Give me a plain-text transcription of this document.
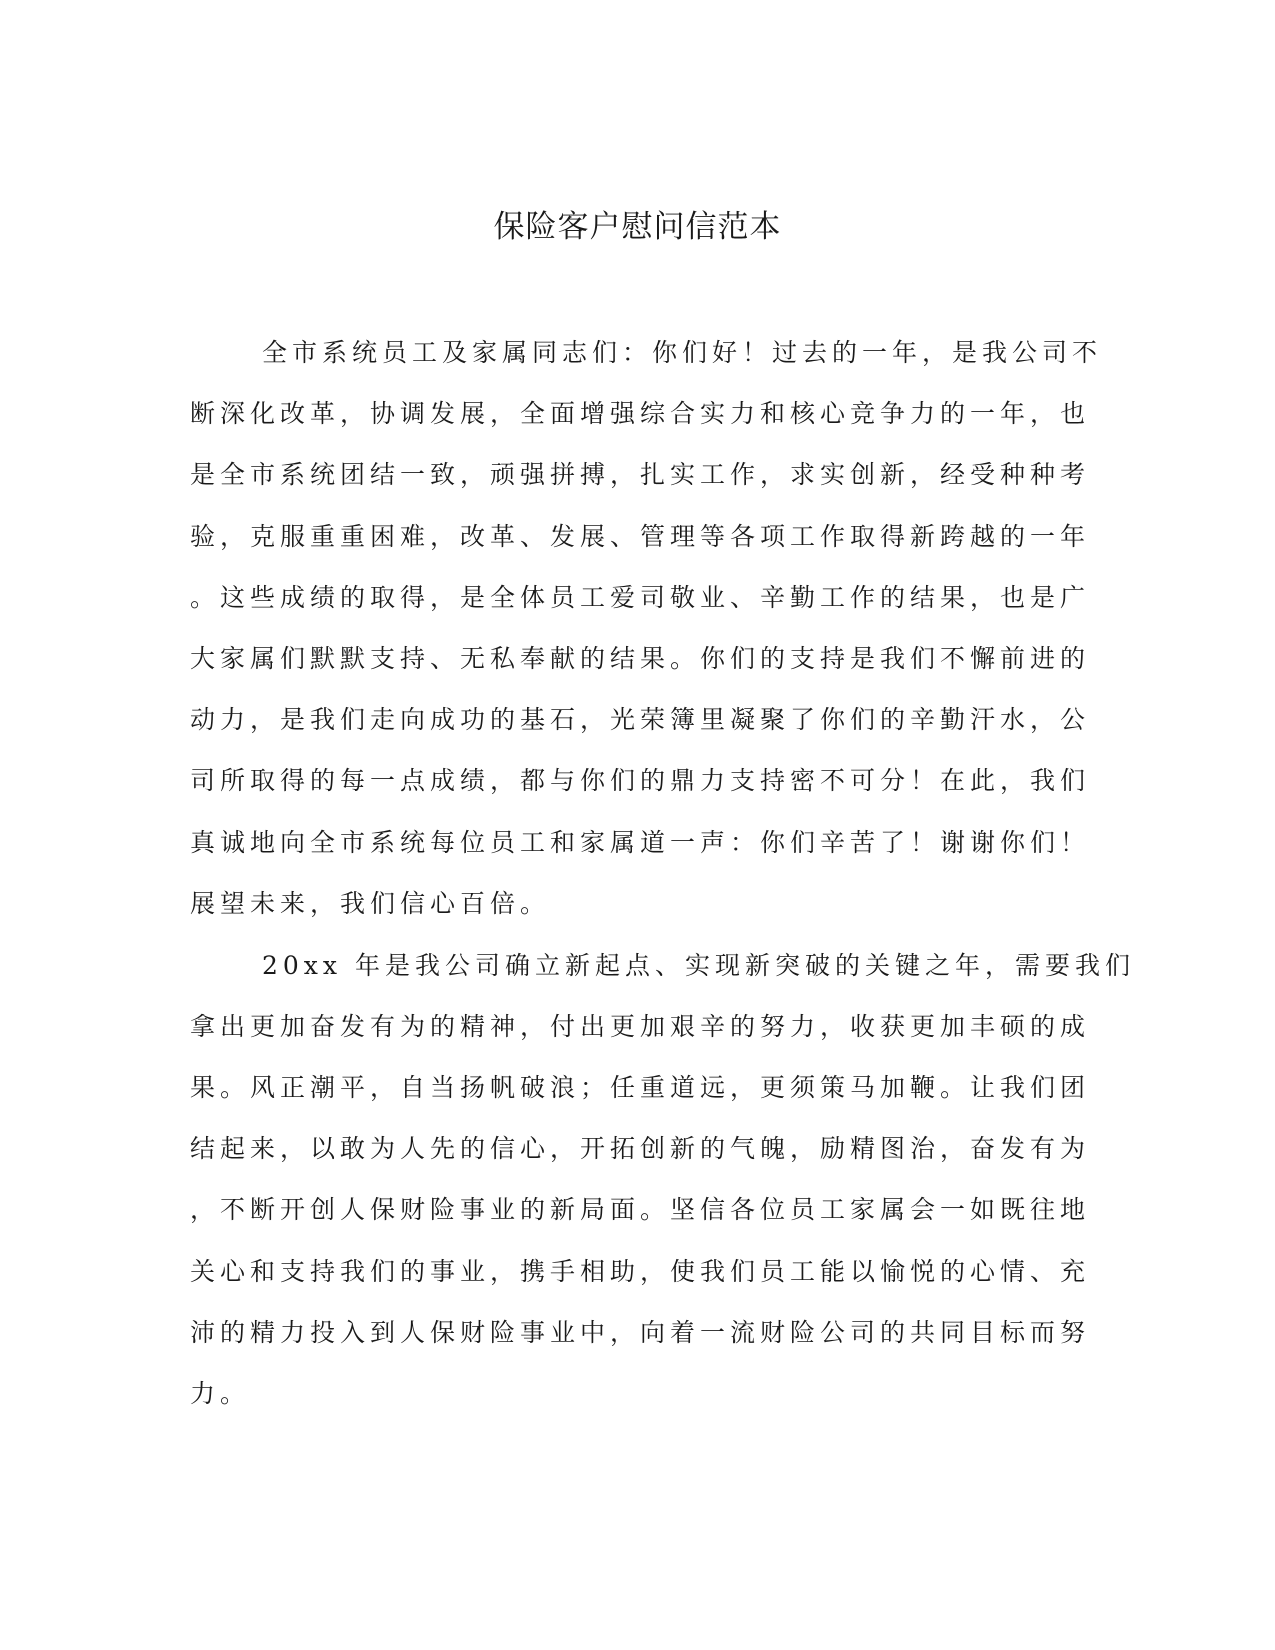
保险客户慰问信范本
全市系统员工及家属同志们：你们好！过去的一年，是我公司不
断深化改革，协调发展，全面增强综合实力和核心竞争力的一年，也
是全市系统团结一致，顽强拼搏，扎实工作，求实创新，经受种种考
验，克服重重困难，改革、发展、管理等各项工作取得新跨越的一年
。这些成绩的取得，是全体员工爱司敬业、辛勤工作的结果，也是广
大家属们默默支持、无私奉献的结果。你们的支持是我们不懈前进的
动力，是我们走向成功的基石，光荣簿里凝聚了你们的辛勤汗水，公
司所取得的每一点成绩，都与你们的鼎力支持密不可分！在此，我们
真诚地向全市系统每位员工和家属道一声：你们辛苦了！谢谢你们！
展望未来，我们信心百倍。
20xx 年是我公司确立新起点、实现新突破的关键之年，需要我们
拿出更加奋发有为的精神，付出更加艰辛的努力，收获更加丰硕的成
果。风正潮平，自当扬帆破浪；任重道远，更须策马加鞭。让我们团
结起来，以敢为人先的信心，开拓创新的气魄，励精图治，奋发有为
，不断开创人保财险事业的新局面。坚信各位员工家属会一如既往地
关心和支持我们的事业，携手相助，使我们员工能以愉悦的心情、充
沛的精力投入到人保财险事业中，向着一流财险公司的共同目标而努
力。
